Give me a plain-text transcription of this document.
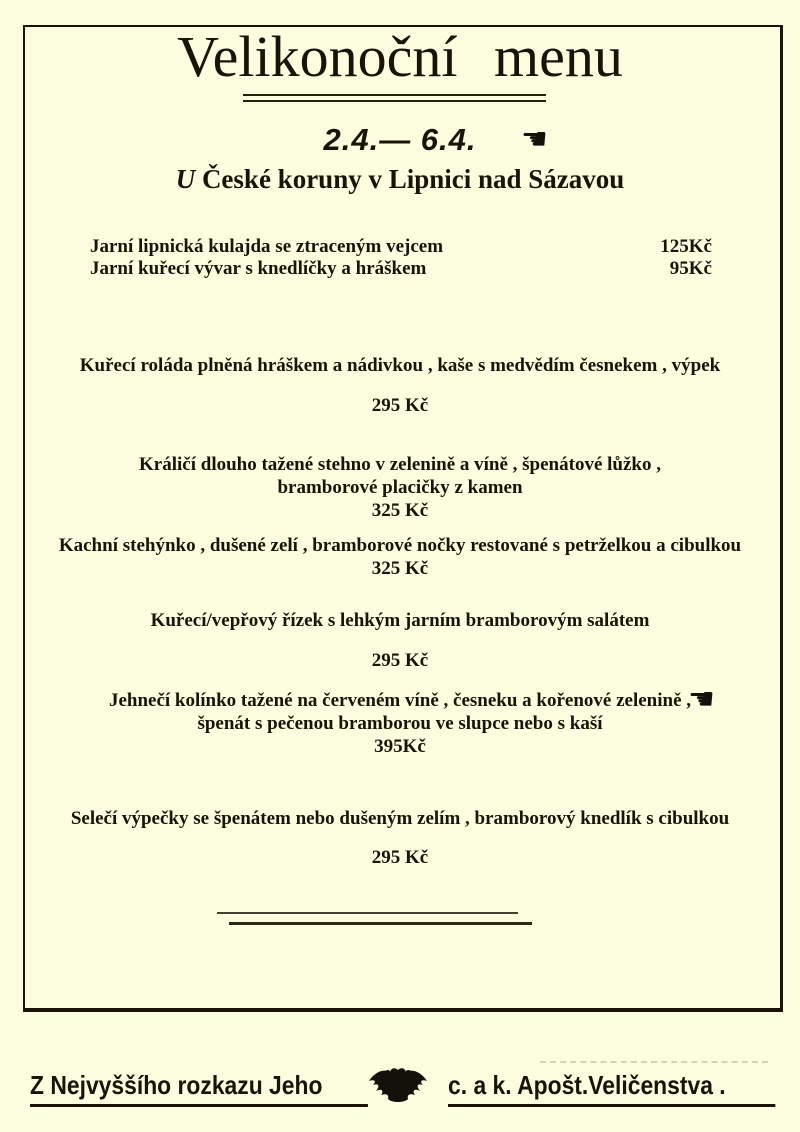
Velikonoční menu
2.4.— 6.4.	☚
U České koruny v Lipnici nad Sázavou
Jarní lipnická kulajda se ztraceným vejcem	125Kč
Jarní kuřecí vývar s knedlíčky a hráškem	95Kč
Kuřecí roláda plněná hráškem a nádivkou , kaše s medvědím česnekem , výpek
295 Kč
Králičí dlouho tažené stehno v zelenině a víně , špenátové lůžko ,
bramborové placičky z kamen
325 Kč
Kachní stehýnko , dušené zelí , bramborové nočky restované s petrželkou a cibulkou
325 Kč
Kuřecí/vepřový řízek s lehkým jarním bramborovým salátem
295 Kč
Jehnečí kolínko tažené na červeném víně , česneku a kořenové zelenině ,
špenát s pečenou bramborou ve slupce nebo s kaší
395Kč
☚
Selečí výpečky se špenátem nebo dušeným zelím , bramborový knedlík s cibulkou
295 Kč
Z Nejvyššího rozkazu Jeho	c. a k. Apošt.Veličenstva .
